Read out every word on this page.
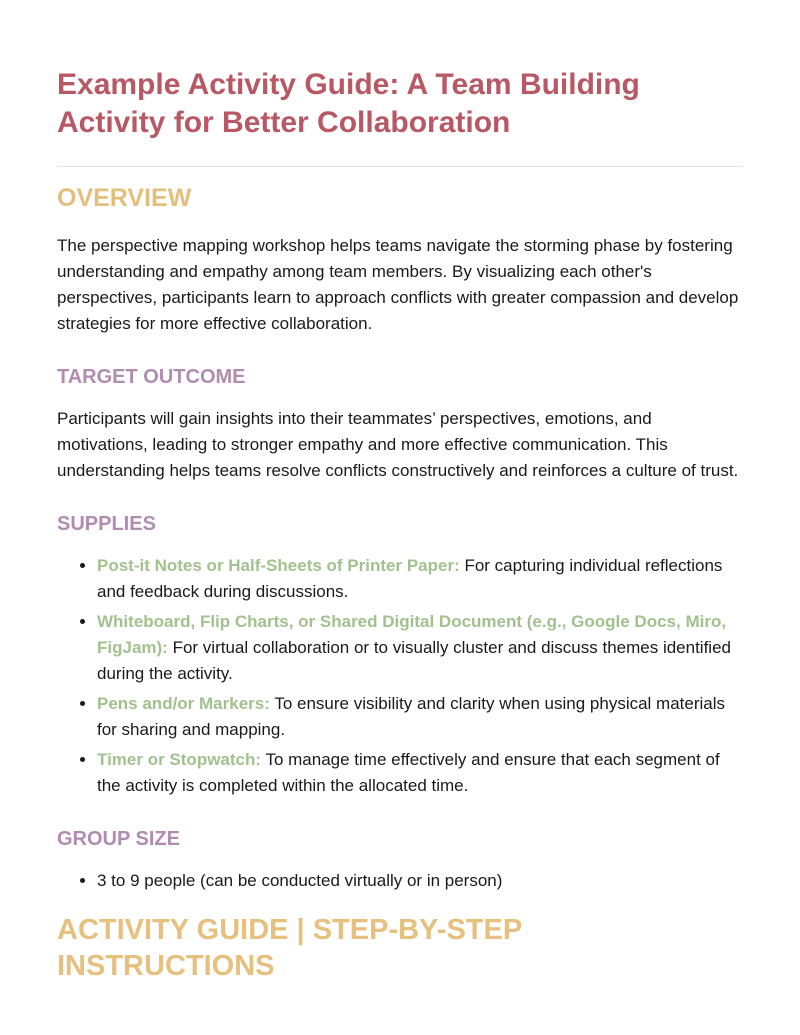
Example Activity Guide: A Team Building Activity for Better Collaboration
OVERVIEW

The perspective mapping workshop helps teams navigate the storming phase by fostering understanding and empathy among team members. By visualizing each other's perspectives, participants learn to approach conflicts with greater compassion and develop strategies for more effective collaboration.

TARGET OUTCOME

Participants will gain insights into their teammates’ perspectives, emotions, and motivations, leading to stronger empathy and more effective communication. This understanding helps teams resolve conflicts constructively and reinforces a culture of trust.

SUPPLIES
• Post-it Notes or Half-Sheets of Printer Paper: For capturing individual reflections and feedback during discussions.
• Whiteboard, Flip Charts, or Shared Digital Document (e.g., Google Docs, Miro, FigJam): For virtual collaboration or to visually cluster and discuss themes identified during the activity.
• Pens and/or Markers: To ensure visibility and clarity when using physical materials for sharing and mapping.
• Timer or Stopwatch: To manage time effectively and ensure that each segment of the activity is completed within the allocated time.
GROUP SIZE
• 3 to 9 people (can be conducted virtually or in person)
ACTIVITY GUIDE | STEP-BY-STEP INSTRUCTIONS
